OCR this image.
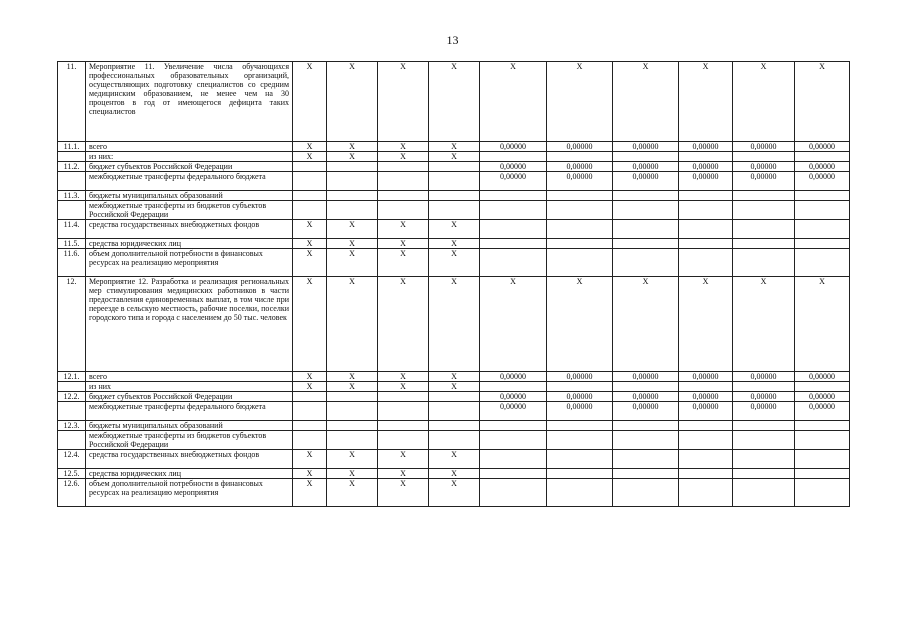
13
11.	Мероприятие 11. Увеличение числа обучающихся профессиональных образовательных организаций, осуществляющих подготовку специалистов со средним медицинским образованием, не менее чем на 30 процентов в год от имеющегося дефицита таких специалистов	X	X	X	X	X	X	X	X	X	X
11.1.	всего	X	X	X	X	0,00000	0,00000	0,00000	0,00000	0,00000	0,00000
	из них:	X	X	X	X						
11.2.	бюджет субъектов Российской Федерации					0,00000	0,00000	0,00000	0,00000	0,00000	0,00000
	межбюджетные трансферты федерального бюджета					0,00000	0,00000	0,00000	0,00000	0,00000	0,00000
11.3.	бюджеты муниципальных образований										
	межбюджетные трансферты из бюджетов субъектов Российской Федерации										
11.4.	средства государственных внебюджетных фондов	X	X	X	X						
11.5.	средства юридических лиц	X	X	X	X						
11.6.	объем дополнительной потребности в финансовых ресурсах на реализацию мероприятия	X	X	X	X						
12.	Мероприятие 12. Разработка и реализация региональных мер стимулирования медицинских работников в части предоставления единовременных выплат, в том числе при переезде в сельскую местность, рабочие поселки, поселки городского типа и города с населением до 50 тыс. человек	X	X	X	X	X	X	X	X	X	X
12.1.	всего	X	X	X	X	0,00000	0,00000	0,00000	0,00000	0,00000	0,00000
	из них	X	X	X	X						
12.2.	бюджет субъектов Российской Федерации					0,00000	0,00000	0,00000	0,00000	0,00000	0,00000
	межбюджетные трансферты федерального бюджета					0,00000	0,00000	0,00000	0,00000	0,00000	0,00000
12.3.	бюджеты муниципальных образований										
	межбюджетные трансферты из бюджетов субъектов Российской Федерации										
12.4.	средства государственных внебюджетных фондов	X	X	X	X						
12.5.	средства юридических лиц	X	X	X	X						
12.6.	объем дополнительной потребности в финансовых ресурсах на реализацию мероприятия	X	X	X	X						
